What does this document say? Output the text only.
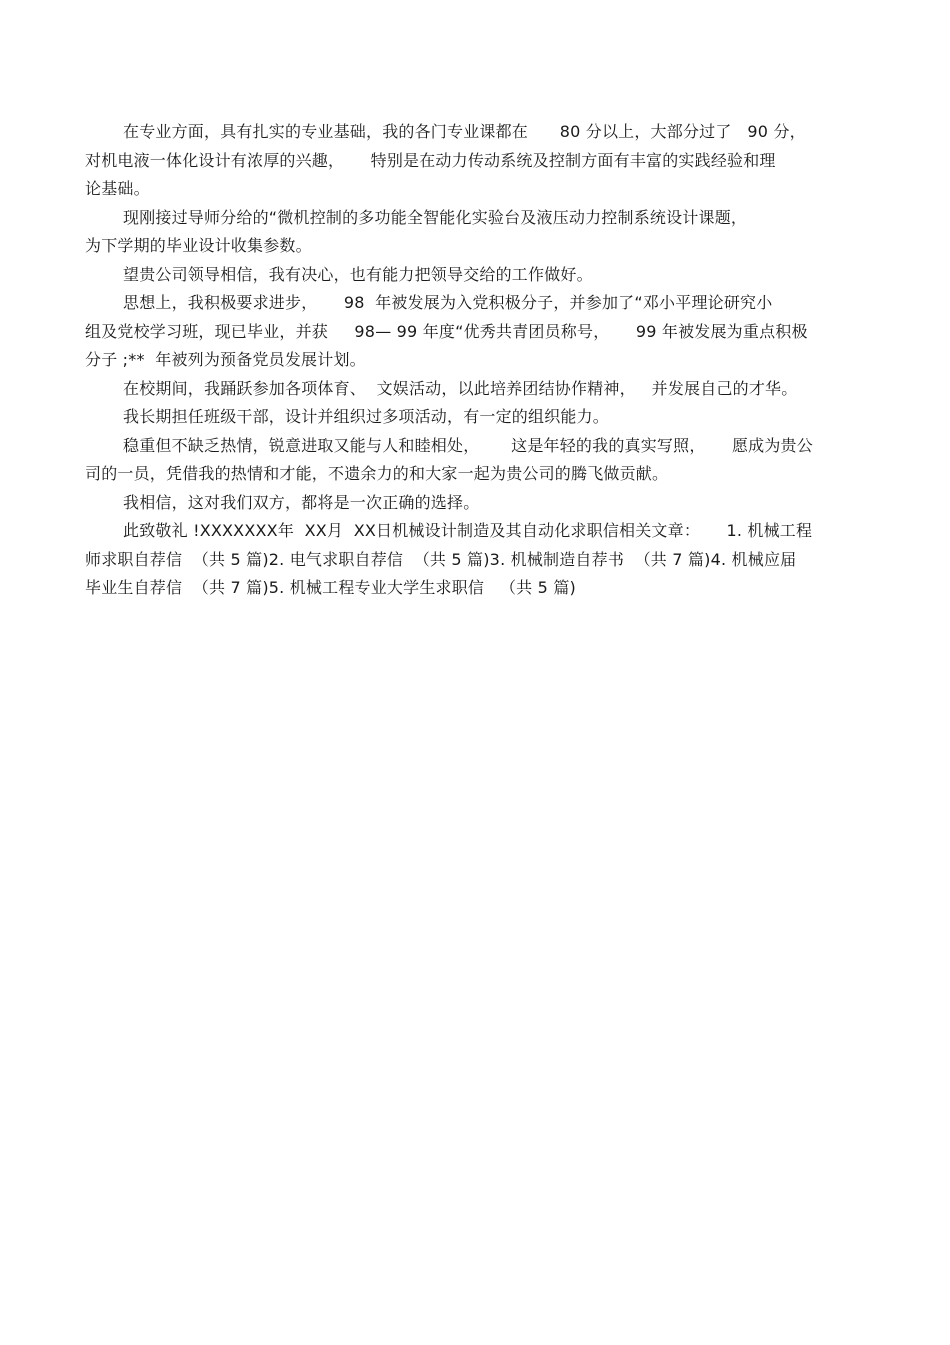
在专业方面，具有扎实的专业基础，我的各门专业课都在      80 分以上，大部分过了   90 分，
对机电液一体化设计有浓厚的兴趣，     特别是在动力传动系统及控制方面有丰富的实践经验和理
论基础。
现刚接过导师分给的“微机控制的多功能全智能化实验台及液压动力控制系统设计课题，
为下学期的毕业设计收集参数。
望贵公司领导相信，我有决心，也有能力把领导交给的工作做好。
思想上，我积极要求进步，     98  年被发展为入党积极分子，并参加了“邓小平理论研究小
组及党校学习班，现已毕业，并获     98— 99 年度“优秀共青团员称号，     99 年被发展为重点积极
分子 ;**  年被列为预备党员发展计划。
在校期间，我踊跃参加各项体育、  文娱活动，以此培养团结协作精神，   并发展自己的才华。
我长期担任班级干部，设计并组织过多项活动，有一定的组织能力。
稳重但不缺乏热情，锐意进取又能与人和睦相处，      这是年轻的我的真实写照，     愿成为贵公
司的一员，凭借我的热情和才能，不遗余力的和大家一起为贵公司的腾飞做贡献。
我相信，这对我们双方，都将是一次正确的选择。
此致敬礼 !XXXXXXX年  XX月  XX日机械设计制造及其自动化求职信相关文章：     1. 机械工程
师求职自荐信  （共 5 篇)2. 电气求职自荐信  （共 5 篇)3. 机械制造自荐书  （共 7 篇)4. 机械应届
毕业生自荐信  （共 7 篇)5. 机械工程专业大学生求职信   （共 5 篇)
